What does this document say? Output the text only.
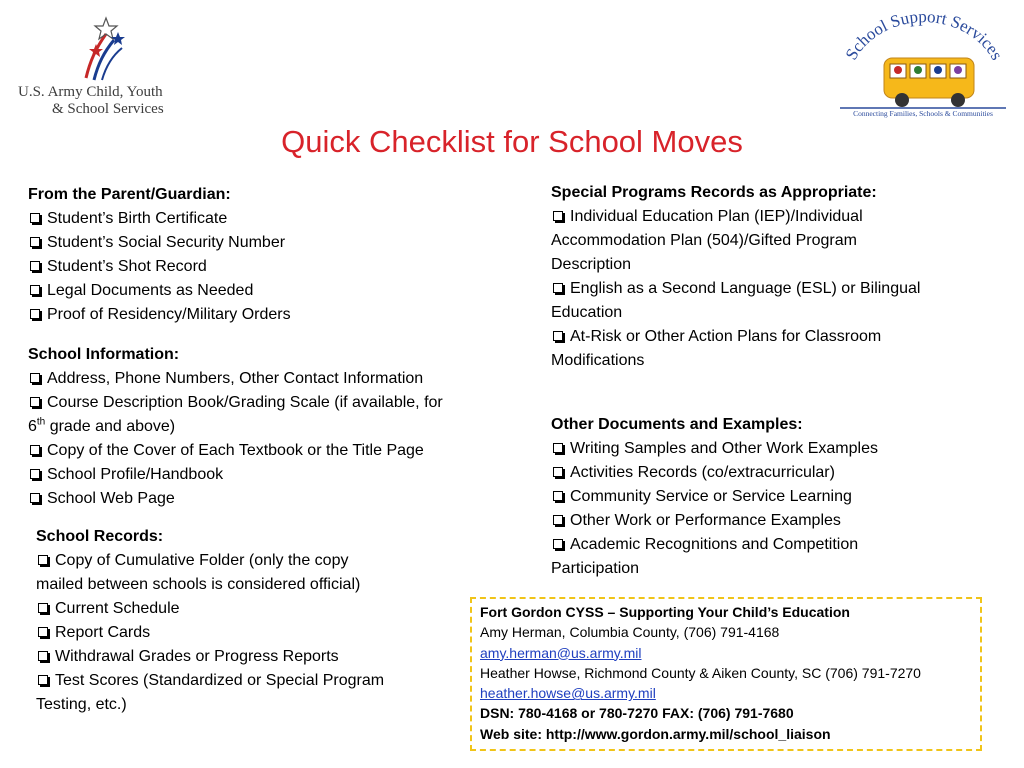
U.S. Army Child, Youth
& School Services
School Support Services
Connecting Families, Schools & Communities
Quick Checklist for School Moves
From the Parent/Guardian:
Student’s Birth Certificate
Student’s Social Security Number
Student’s Shot Record
Legal Documents as Needed
Proof of Residency/Military Orders
School Information:
Address, Phone Numbers, Other Contact Information
Course Description Book/Grading Scale (if available, for
6th grade and above)
Copy of the Cover of Each Textbook or the Title Page
School Profile/Handbook
School Web Page
School Records:
Copy of Cumulative Folder (only the copy
mailed between schools is considered official)
Current Schedule
Report Cards
Withdrawal Grades or Progress Reports
Test Scores (Standardized or Special Program
Testing, etc.)
Special Programs Records as Appropriate:
Individual Education Plan (IEP)/Individual
Accommodation Plan (504)/Gifted Program
Description
English as a Second Language (ESL) or Bilingual
Education
At-Risk or Other Action Plans for Classroom
Modifications
Other Documents and Examples:
Writing Samples and Other Work Examples
Activities Records (co/extracurricular)
Community Service or Service Learning
Other Work or Performance Examples
Academic Recognitions and Competition
Participation
Fort Gordon CYSS – Supporting Your Child’s Education
Amy Herman, Columbia County, (706) 791-4168
amy.herman@us.army.mil
Heather Howse, Richmond County & Aiken County, SC (706) 791-7270
heather.howse@us.army.mil
DSN: 780-4168 or 780-7270 FAX: (706) 791-7680
Web site: http://www.gordon.army.mil/school_liaison
